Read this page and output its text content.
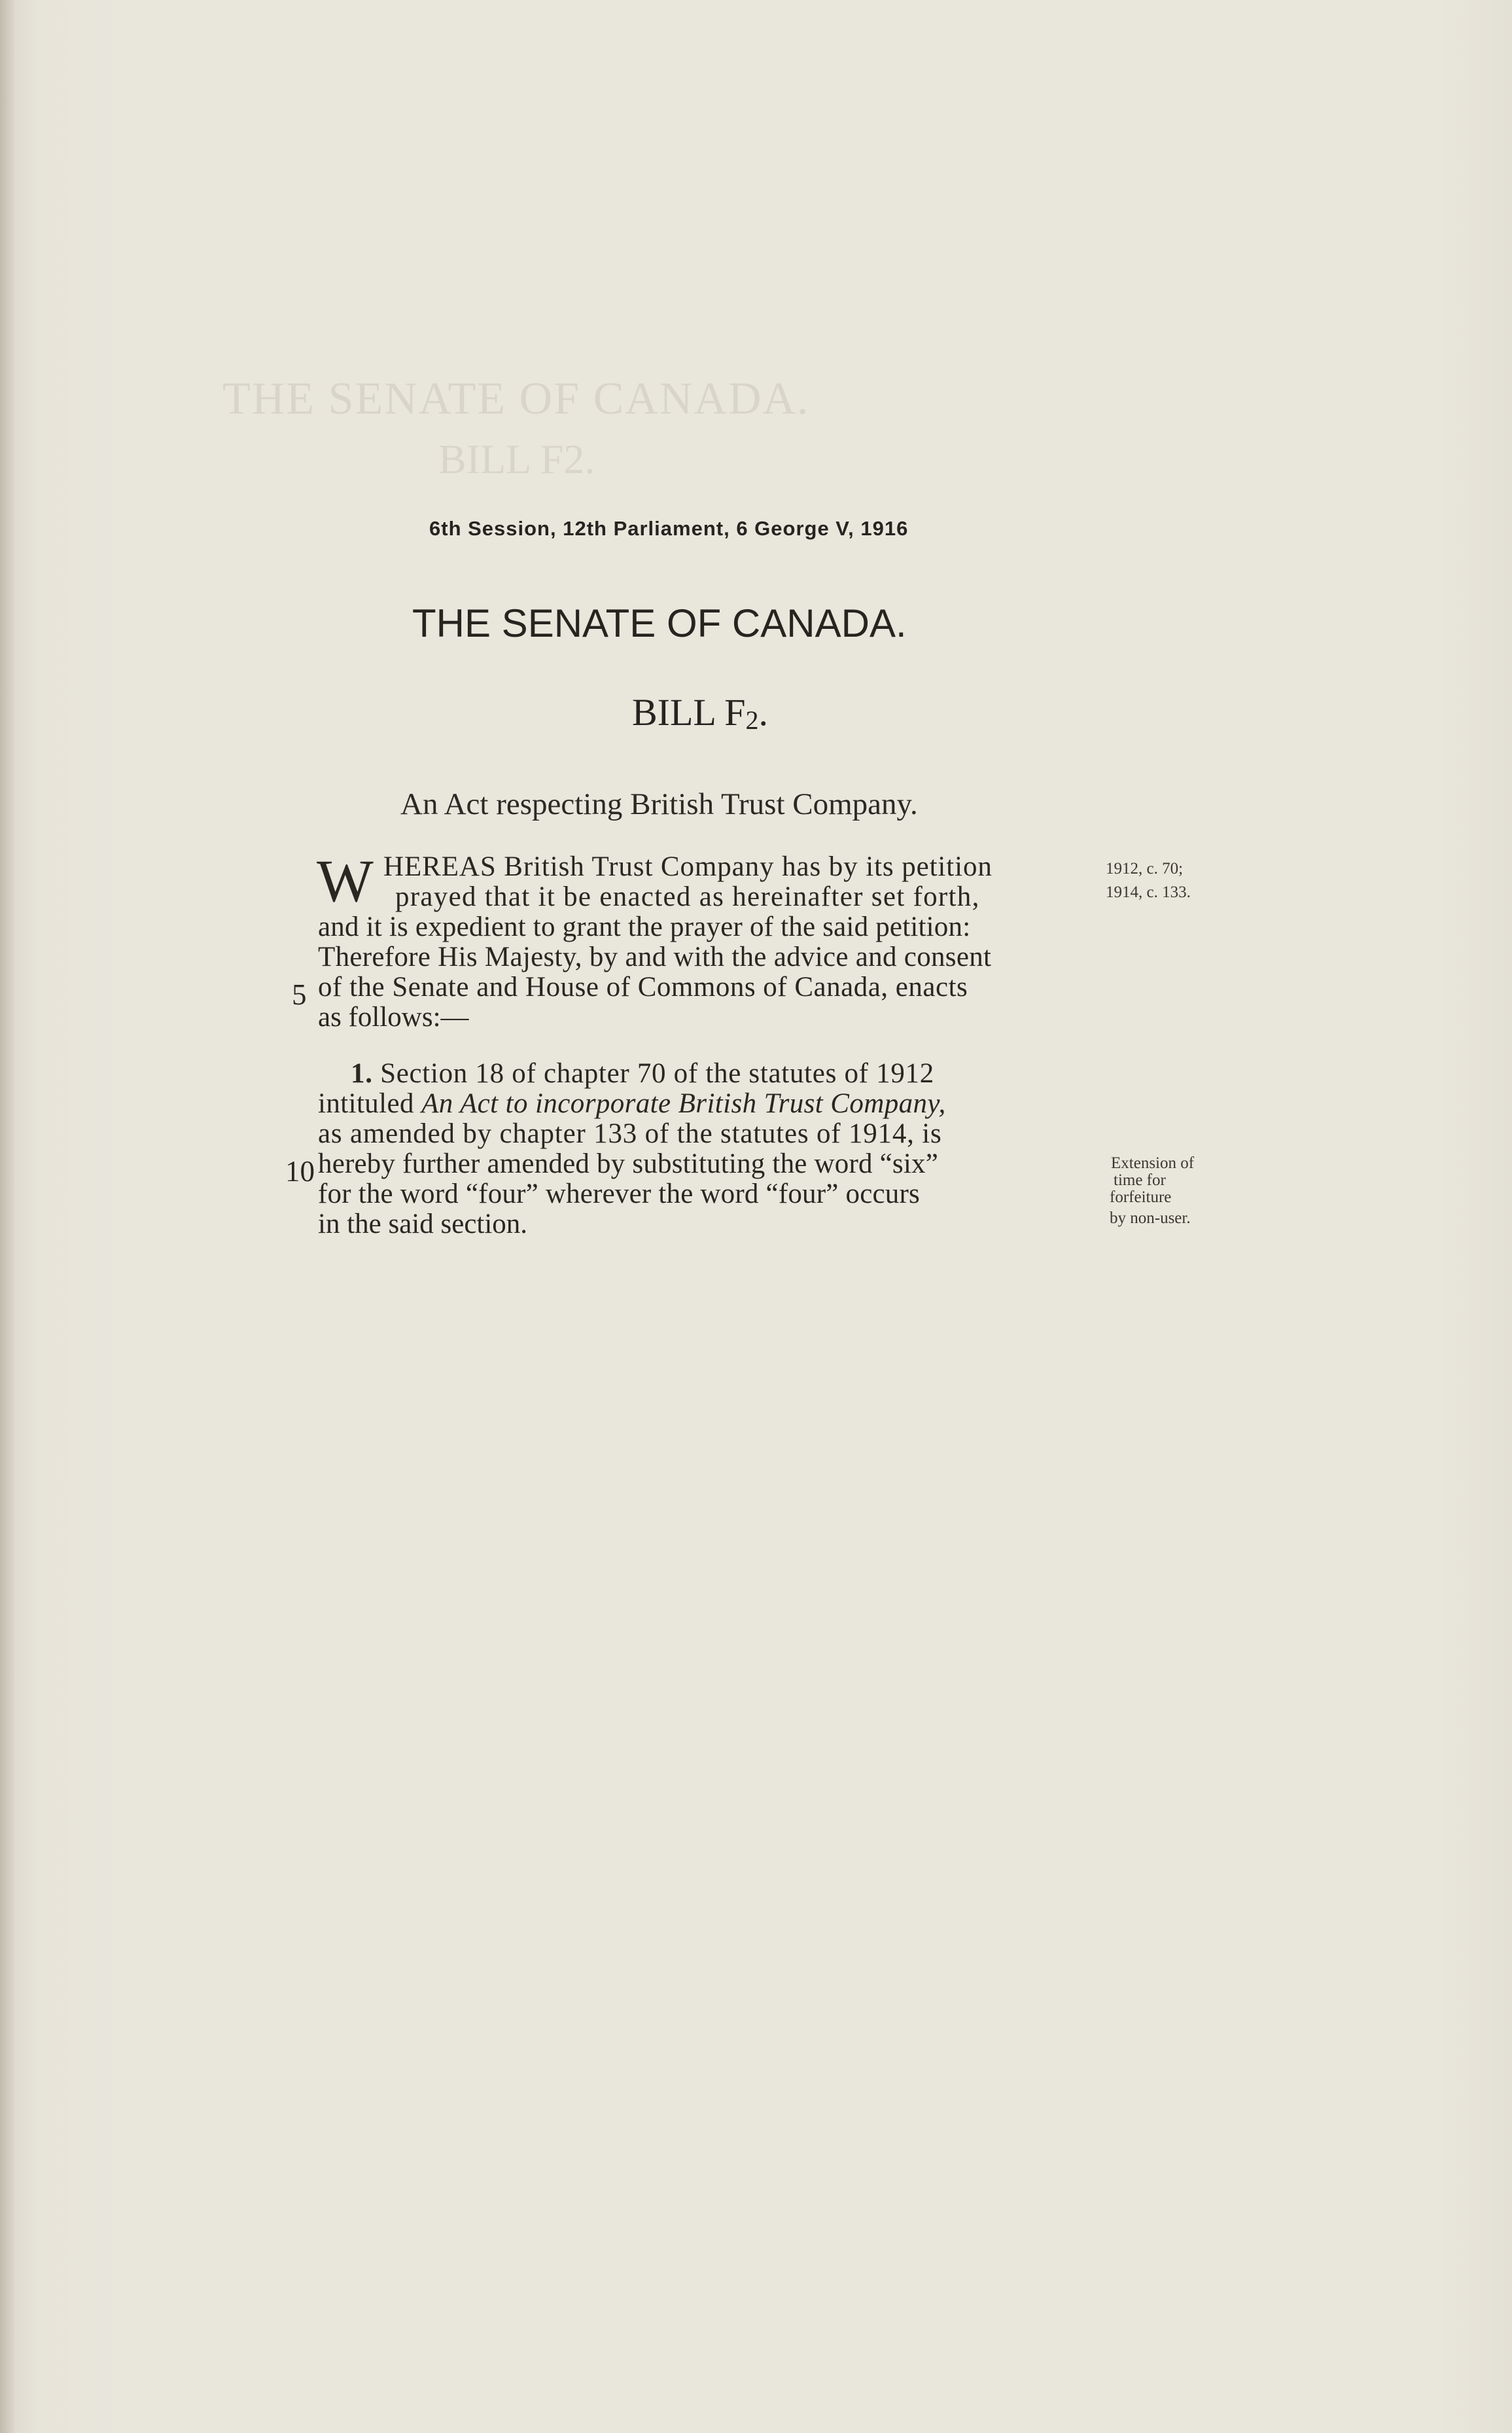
THE SENATE OF CANADA.
BILL F2.
6th Session, 12th Parliament, 6 George V, 1916
THE SENATE OF CANADA.
BILL $F_2$.
An Act respecting British Trust Company.
W HEREAS British Trust Company has by its petition
prayed that it be enacted as hereinafter set forth,
and it is expedient to grant the prayer of the said petition:
Therefore His Majesty, by and with the advice and consent
of the Senate and House of Commons of Canada, enacts
as follows:—
5
1. Section 18 of chapter 70 of the statutes of 1912
intituled An Act to incorporate British Trust Company,
as amended by chapter 133 of the statutes of 1914, is
hereby further amended by substituting the word “six”
for the word “four” wherever the word “four” occurs
in the said section.
10
1912, c. 70;
1914, c. 133.
Extension of
time for
forfeiture
by non-user.
